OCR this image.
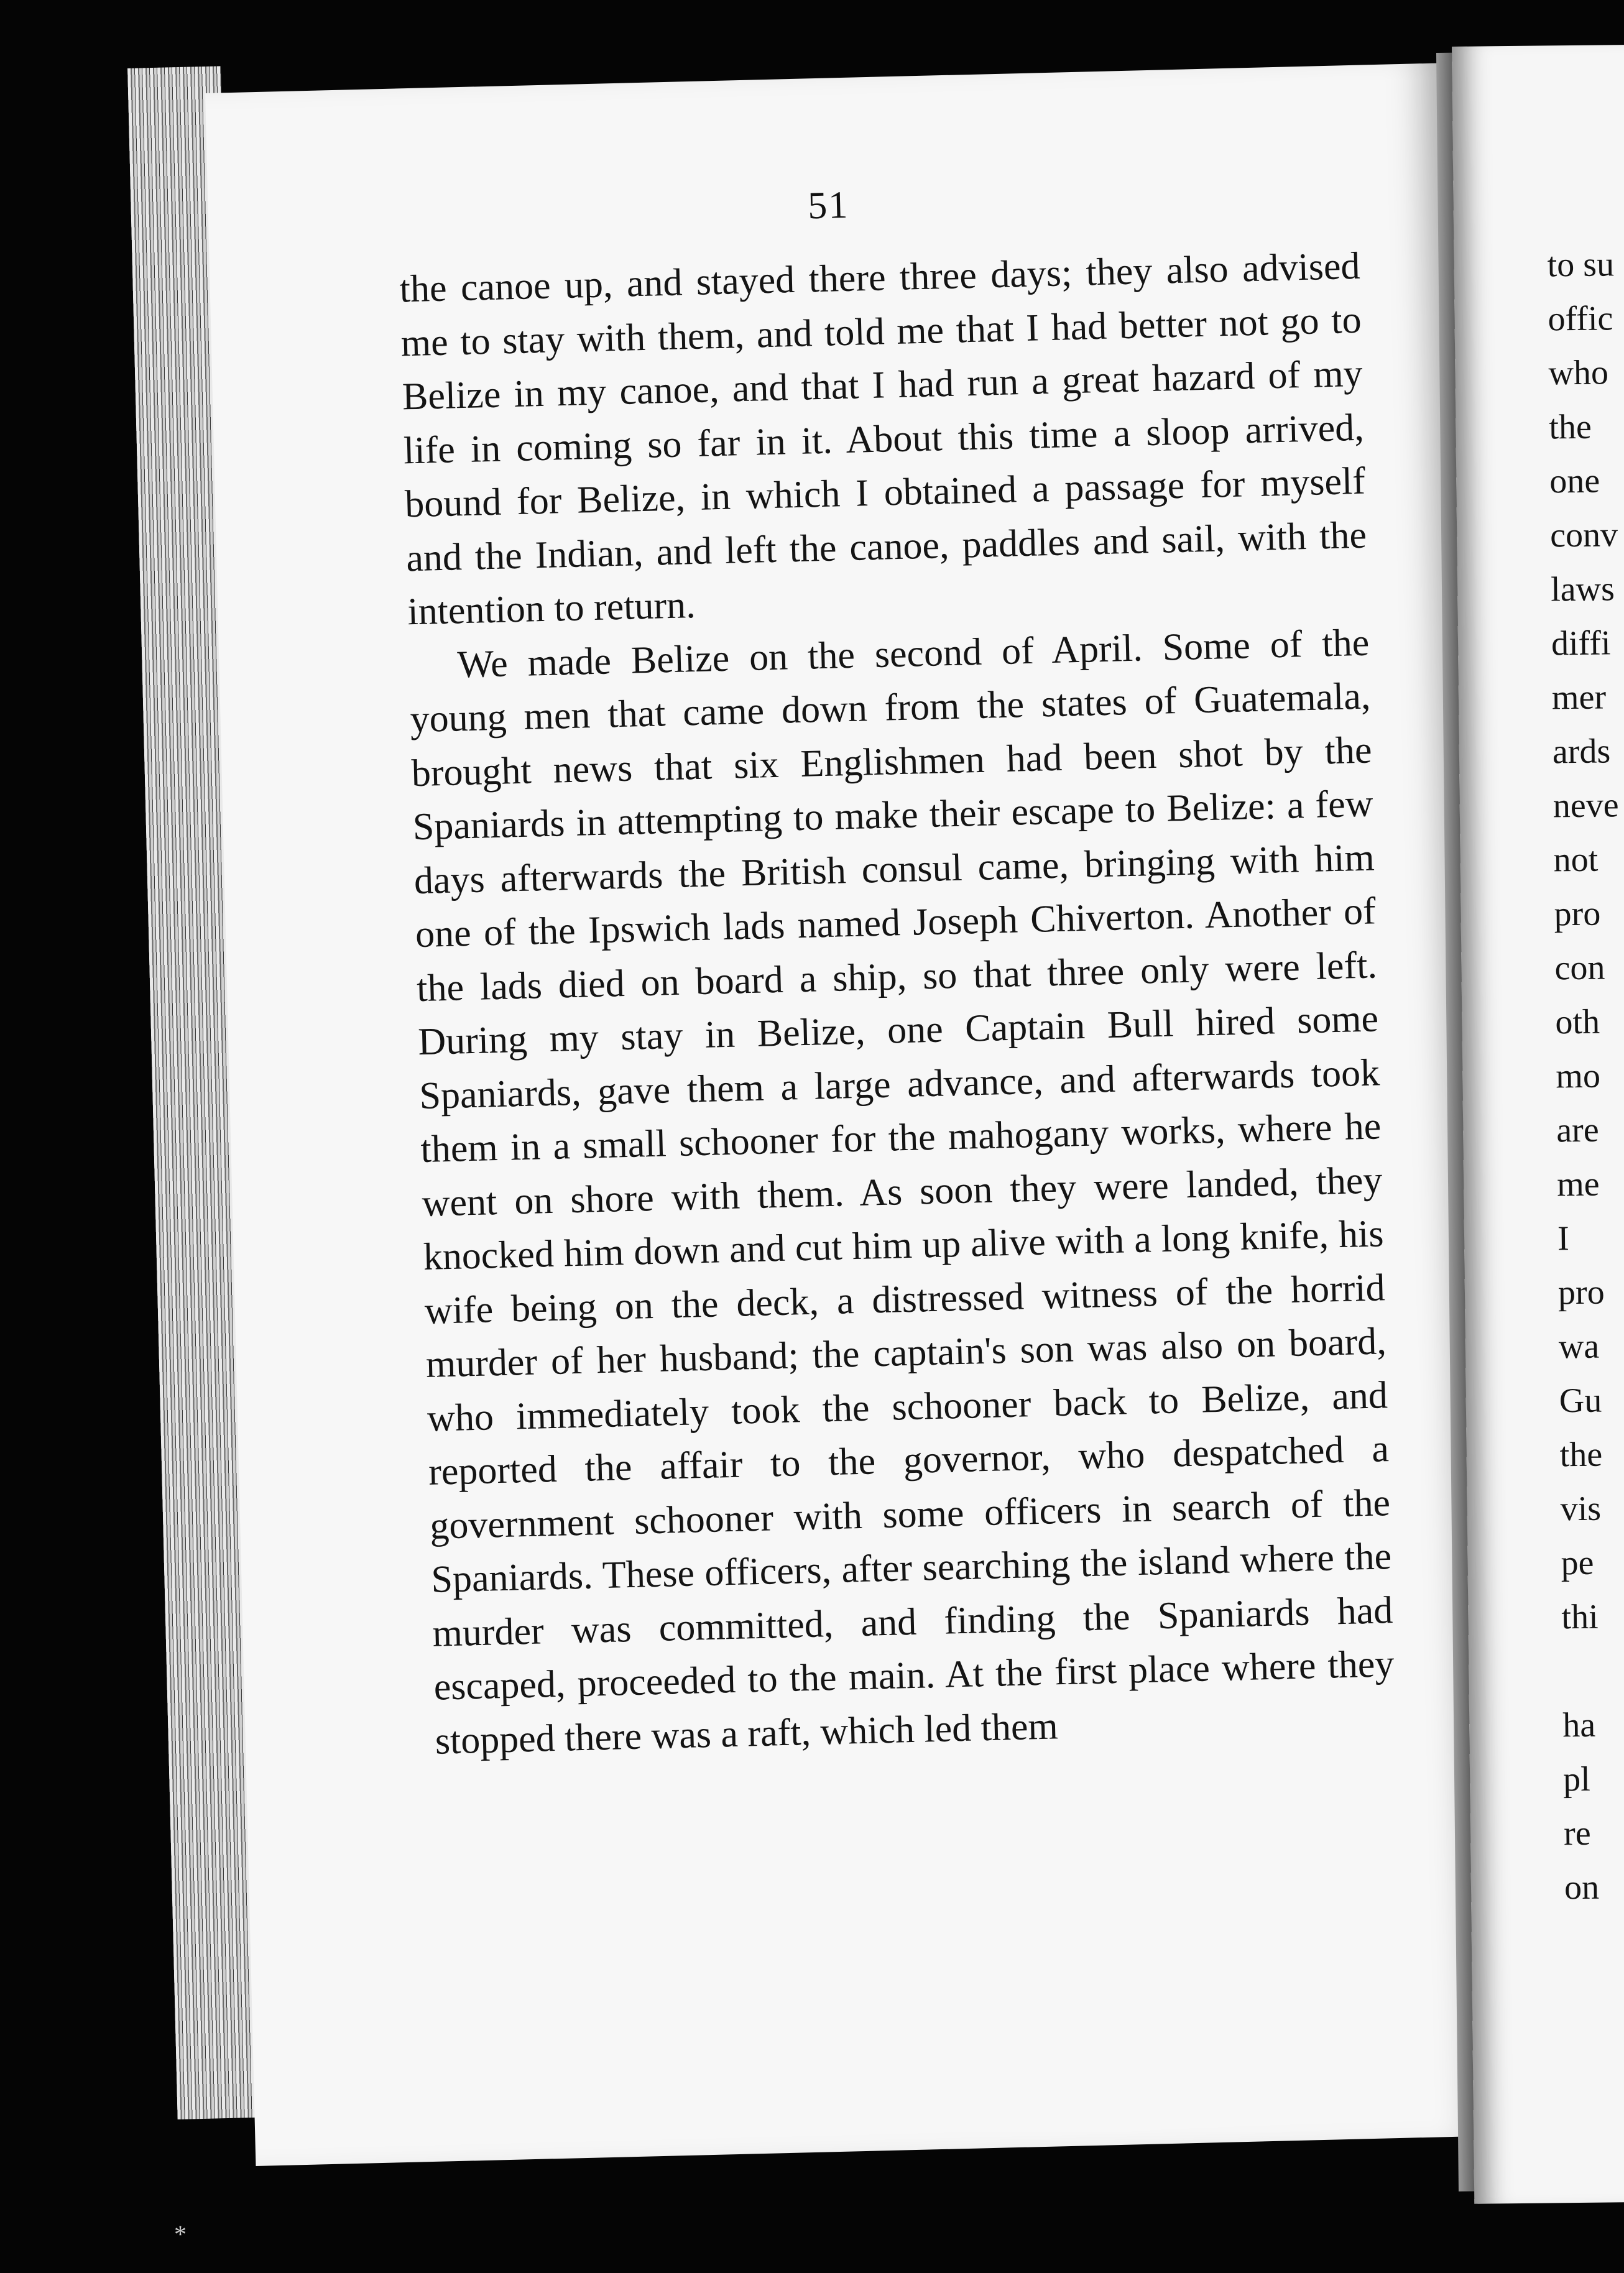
51

the canoe up, and stayed there three days; they also advised me to stay with them, and told me that I had better not go to Belize in my canoe, and that I had run a great hazard of my life in coming so far in it. About this time a sloop arrived, bound for Belize, in which I obtained a passage for myself and the Indian, and left the canoe, paddles and sail, with the intention to return.

We made Belize on the second of April. Some of the young men that came down from the states of Guatemala, brought news that six Englishmen had been shot by the Spaniards in attempting to make their escape to Belize: a few days afterwards the British consul came, bringing with him one of the Ipswich lads named Joseph Chiverton. Another of the lads died on board a ship, so that three only were left. During my stay in Belize, one Captain Bull hired some Spaniards, gave them a large advance, and afterwards took them in a small schooner for the mahogany works, where he went on shore with them. As soon they were landed, they knocked him down and cut him up alive with a long knife, his wife being on the deck, a distressed witness of the horrid murder of her husband; the captain's son was also on board, who immediately took the schooner back to Belize, and reported the affair to the governor, who despatched a government schooner with some officers in search of the Spaniards. These officers, after searching the island where the murder was committed, and finding the Spaniards had escaped, proceeded to the main. At the first place where they stopped there was a raft, which led them

to su
offic
who
the
one
conv
laws
diffi
mer
ards
neve
not
pro
con
oth
mo
are
me
I
pro
wa
Gu
the
vis
pe
thi
ha
pl
re
on
*
